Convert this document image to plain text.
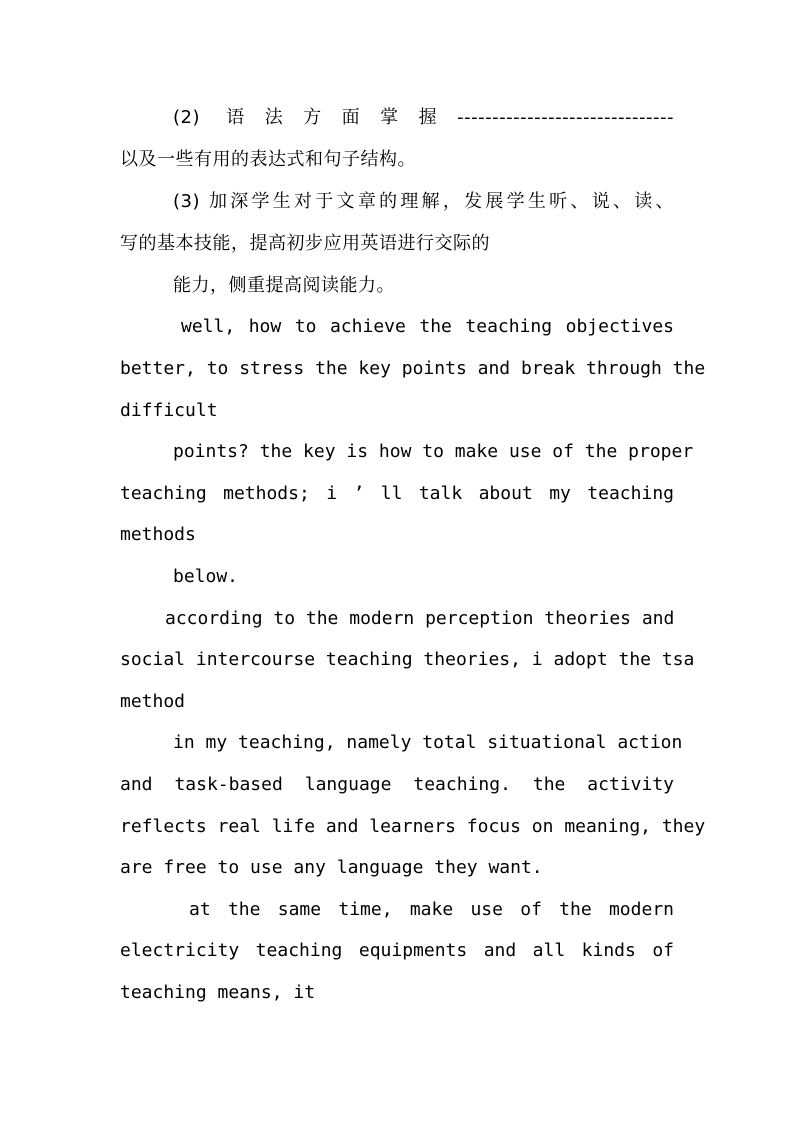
(2) 语法方面掌握-------------------------------
以及一些有用的表达式和句子结构。
(3) 加深学生对于文章的理解，发展学生听、说、读、
写的基本技能，提高初步应用英语进行交际的
能力，侧重提高阅读能力。
well, how to achieve the teaching objectives
better, to stress the key points and break through the
difficult
points? the key is how to make use of the proper
teaching methods; i ’ ll talk about my teaching
methods
below.
according to the modern perception theories and
social intercourse teaching theories, i adopt the tsa
method
in my teaching, namely total situational action
and task-based language teaching. the activity
reflects real life and learners focus on meaning, they
are free to use any language they want.
at the same time, make use of the modern
electricity teaching equipments and all kinds of
teaching means, it
